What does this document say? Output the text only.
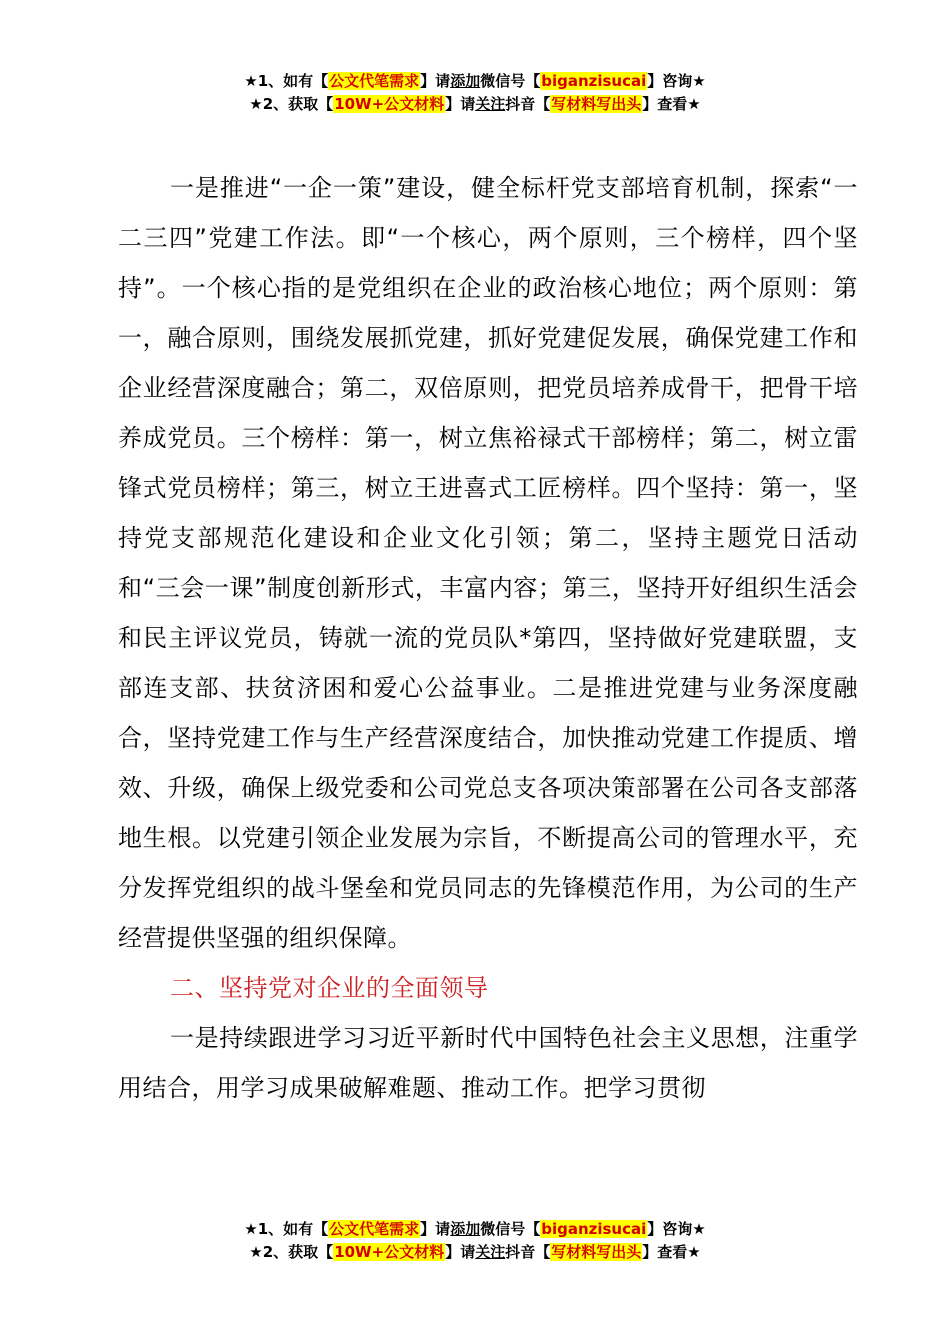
★1、如有【公文代笔需求】请添加微信号【biganzisucai】咨询★
★2、获取【10W+公文材料】请关注抖音【写材料写出头】查看★

一是推进“一企一策”建设，健全标杆党支部培育机制，探索“一二三四”党建工作法。即“一个核心，两个原则，三个榜样，四个坚持”。一个核心指的是党组织在企业的政治核心地位；两个原则：第一，融合原则，围绕发展抓党建，抓好党建促发展，确保党建工作和企业经营深度融合；第二，双倍原则，把党员培养成骨干，把骨干培养成党员。三个榜样：第一，树立焦裕禄式干部榜样；第二，树立雷锋式党员榜样；第三，树立王进喜式工匠榜样。四个坚持：第一，坚持党支部规范化建设和企业文化引领；第二，坚持主题党日活动和“三会一课”制度创新形式，丰富内容；第三，坚持开好组织生活会和民主评议党员，铸就一流的党员队*第四，坚持做好党建联盟，支部连支部、扶贫济困和爱心公益事业。二是推进党建与业务深度融合，坚持党建工作与生产经营深度结合，加快推动党建工作提质、增效、升级，确保上级党委和公司党总支各项决策部署在公司各支部落地生根。以党建引领企业发展为宗旨，不断提高公司的管理水平，充分发挥党组织的战斗堡垒和党员同志的先锋模范作用，为公司的生产经营提供坚强的组织保障。

二、坚持党对企业的全面领导

一是持续跟进学习习近平新时代中国特色社会主义思想，注重学用结合，用学习成果破解难题、推动工作。把学习贯彻

★1、如有【公文代笔需求】请添加微信号【biganzisucai】咨询★
★2、获取【10W+公文材料】请关注抖音【写材料写出头】查看★
